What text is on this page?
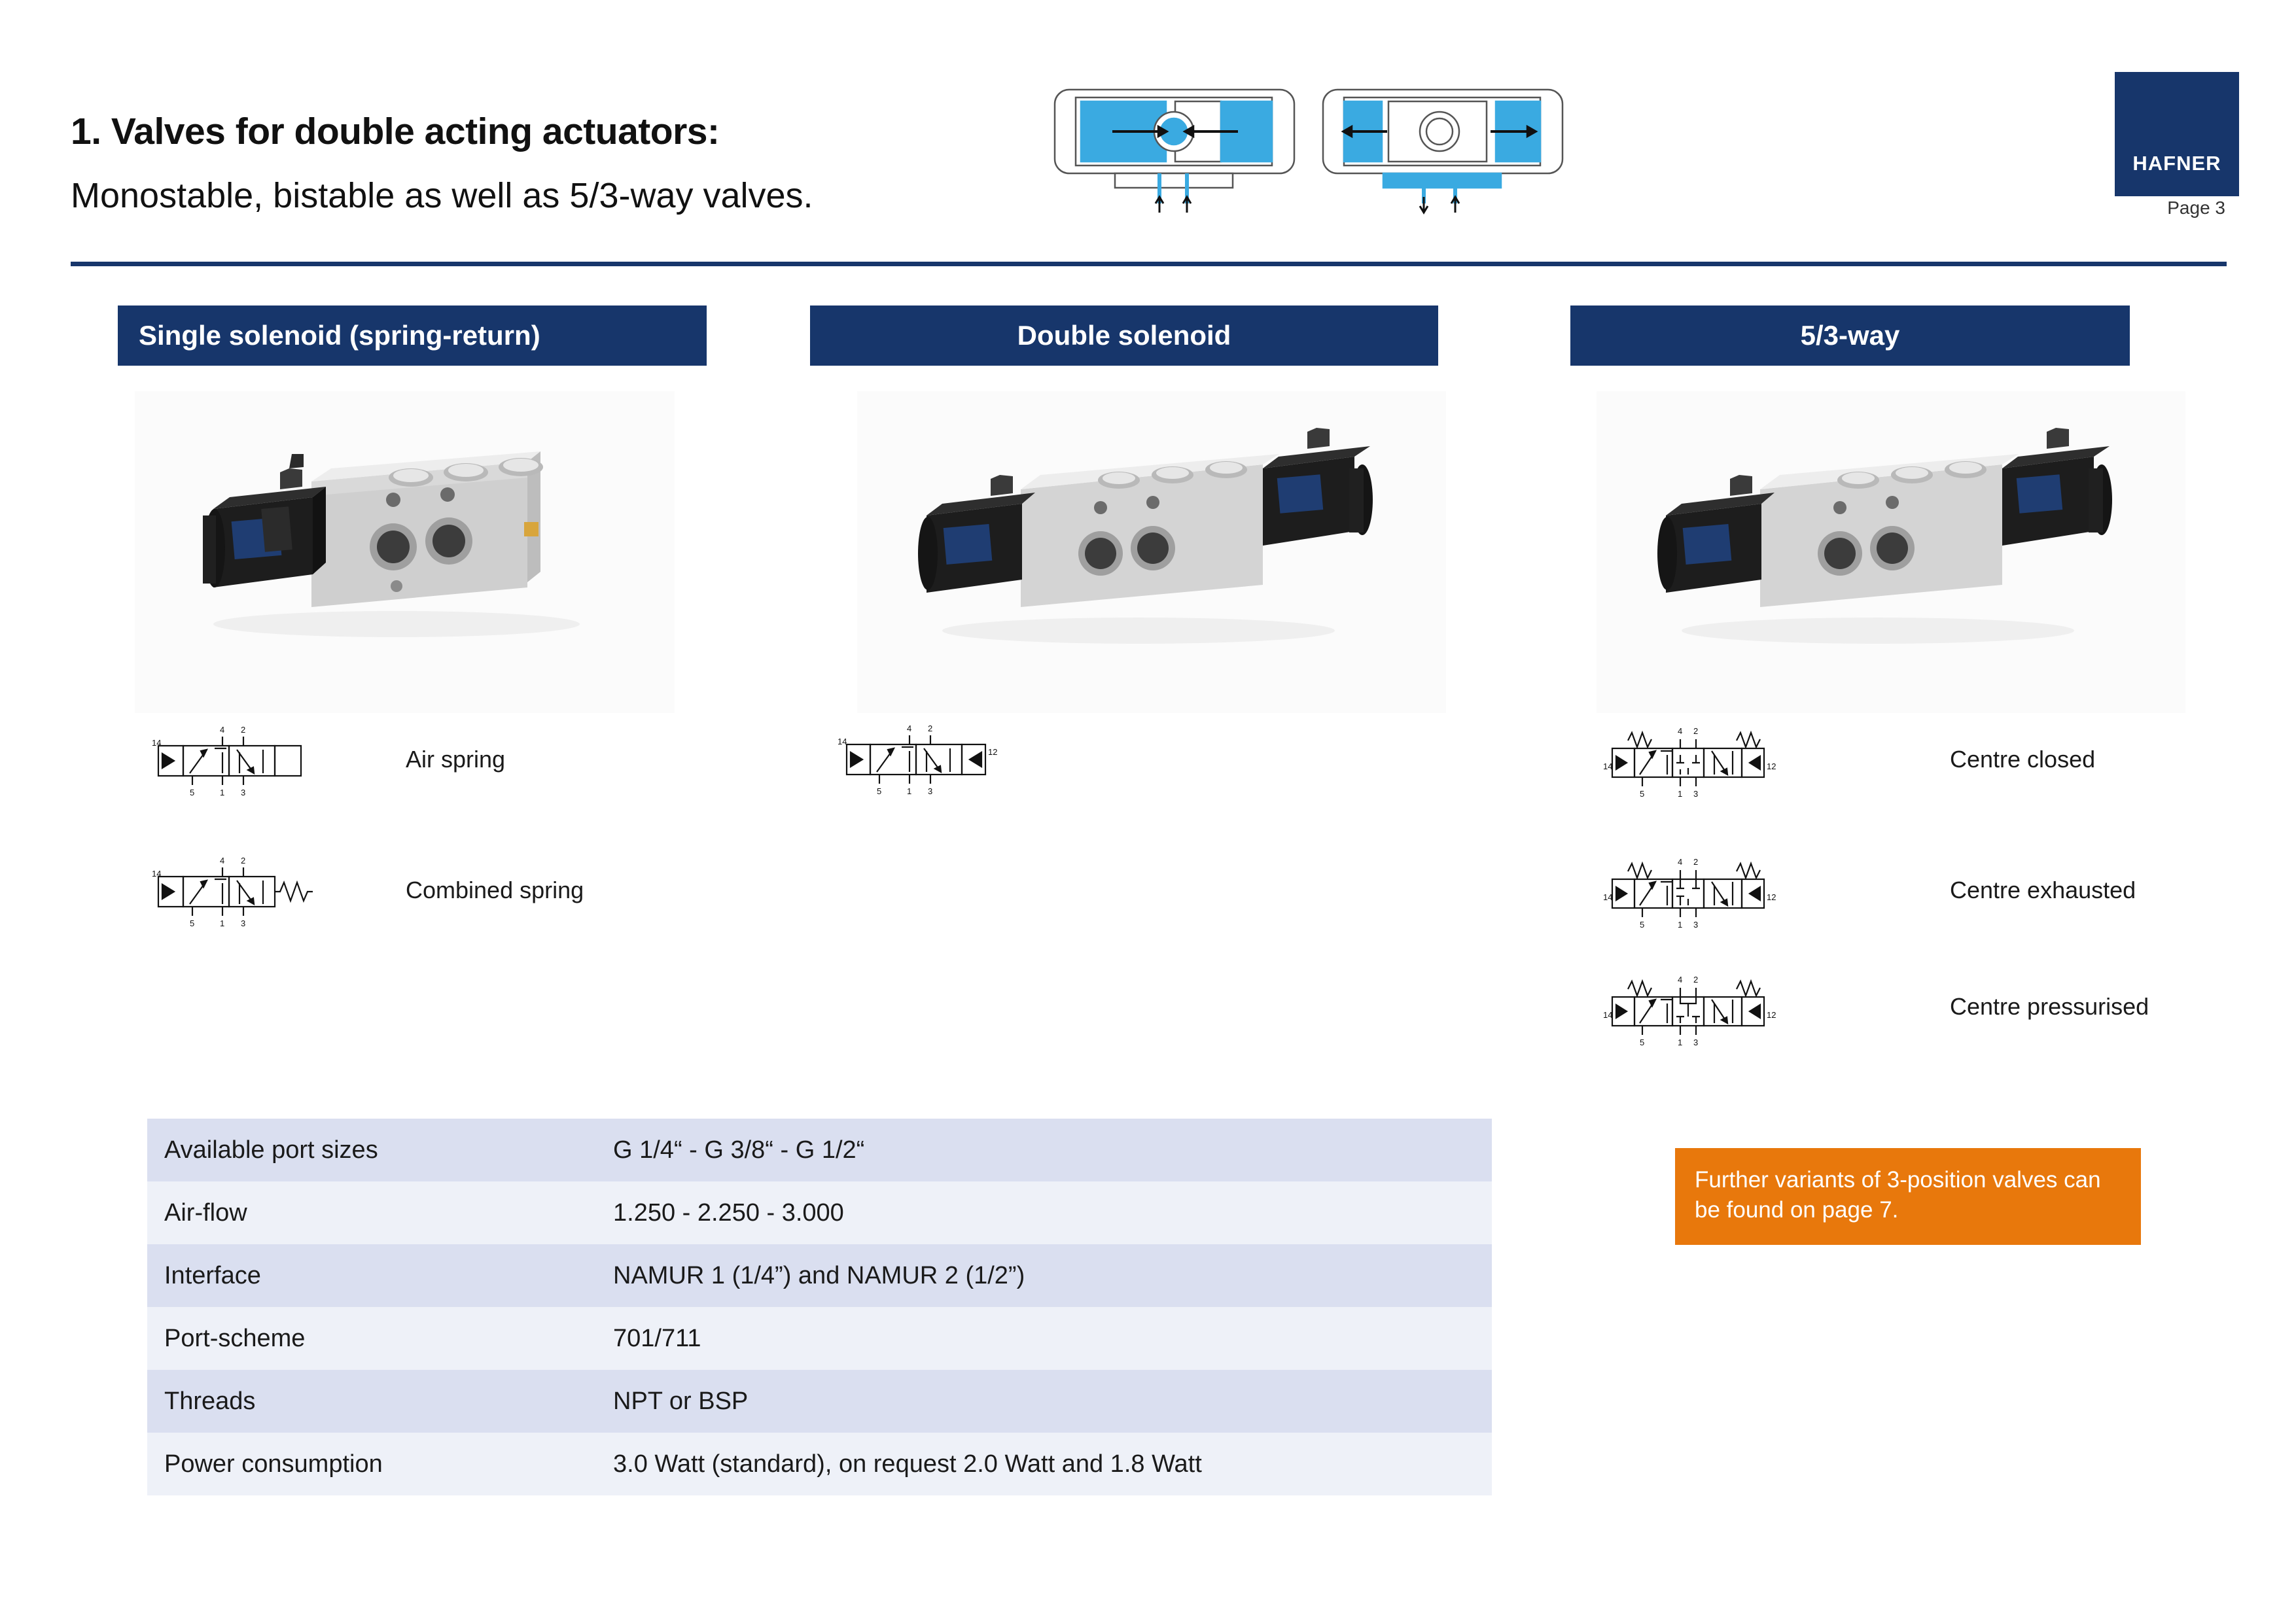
1. Valves for double acting actuators:
Monostable, bistable as well as 5/3-way valves.
HAFNER
Page 3
Single solenoid (spring-return)	Double solenoid	5/3-way
4 2
5	1 3
14
Air spring
4 2
5	1 3
14
Combined spring
4 2
5	1 3
14
12
4 2
5	1 3
14	12	Centre closed
4 2
5	1 3
14	12	Centre exhausted
4 2
5	1 3
14	12	Centre pressurised
Available port sizes	G 1/4“ - G 3/8“ - G 1/2“
Air-flow	1.250 - 2.250 - 3.000
Interface	NAMUR 1 (1/4”) and NAMUR 2 (1/2”)
Port-scheme	701/711
Threads	NPT or BSP
Power consumption	3.0 Watt (standard), on request 2.0 Watt and 1.8 Watt
Further variants of 3-position valves can be found on page 7.
